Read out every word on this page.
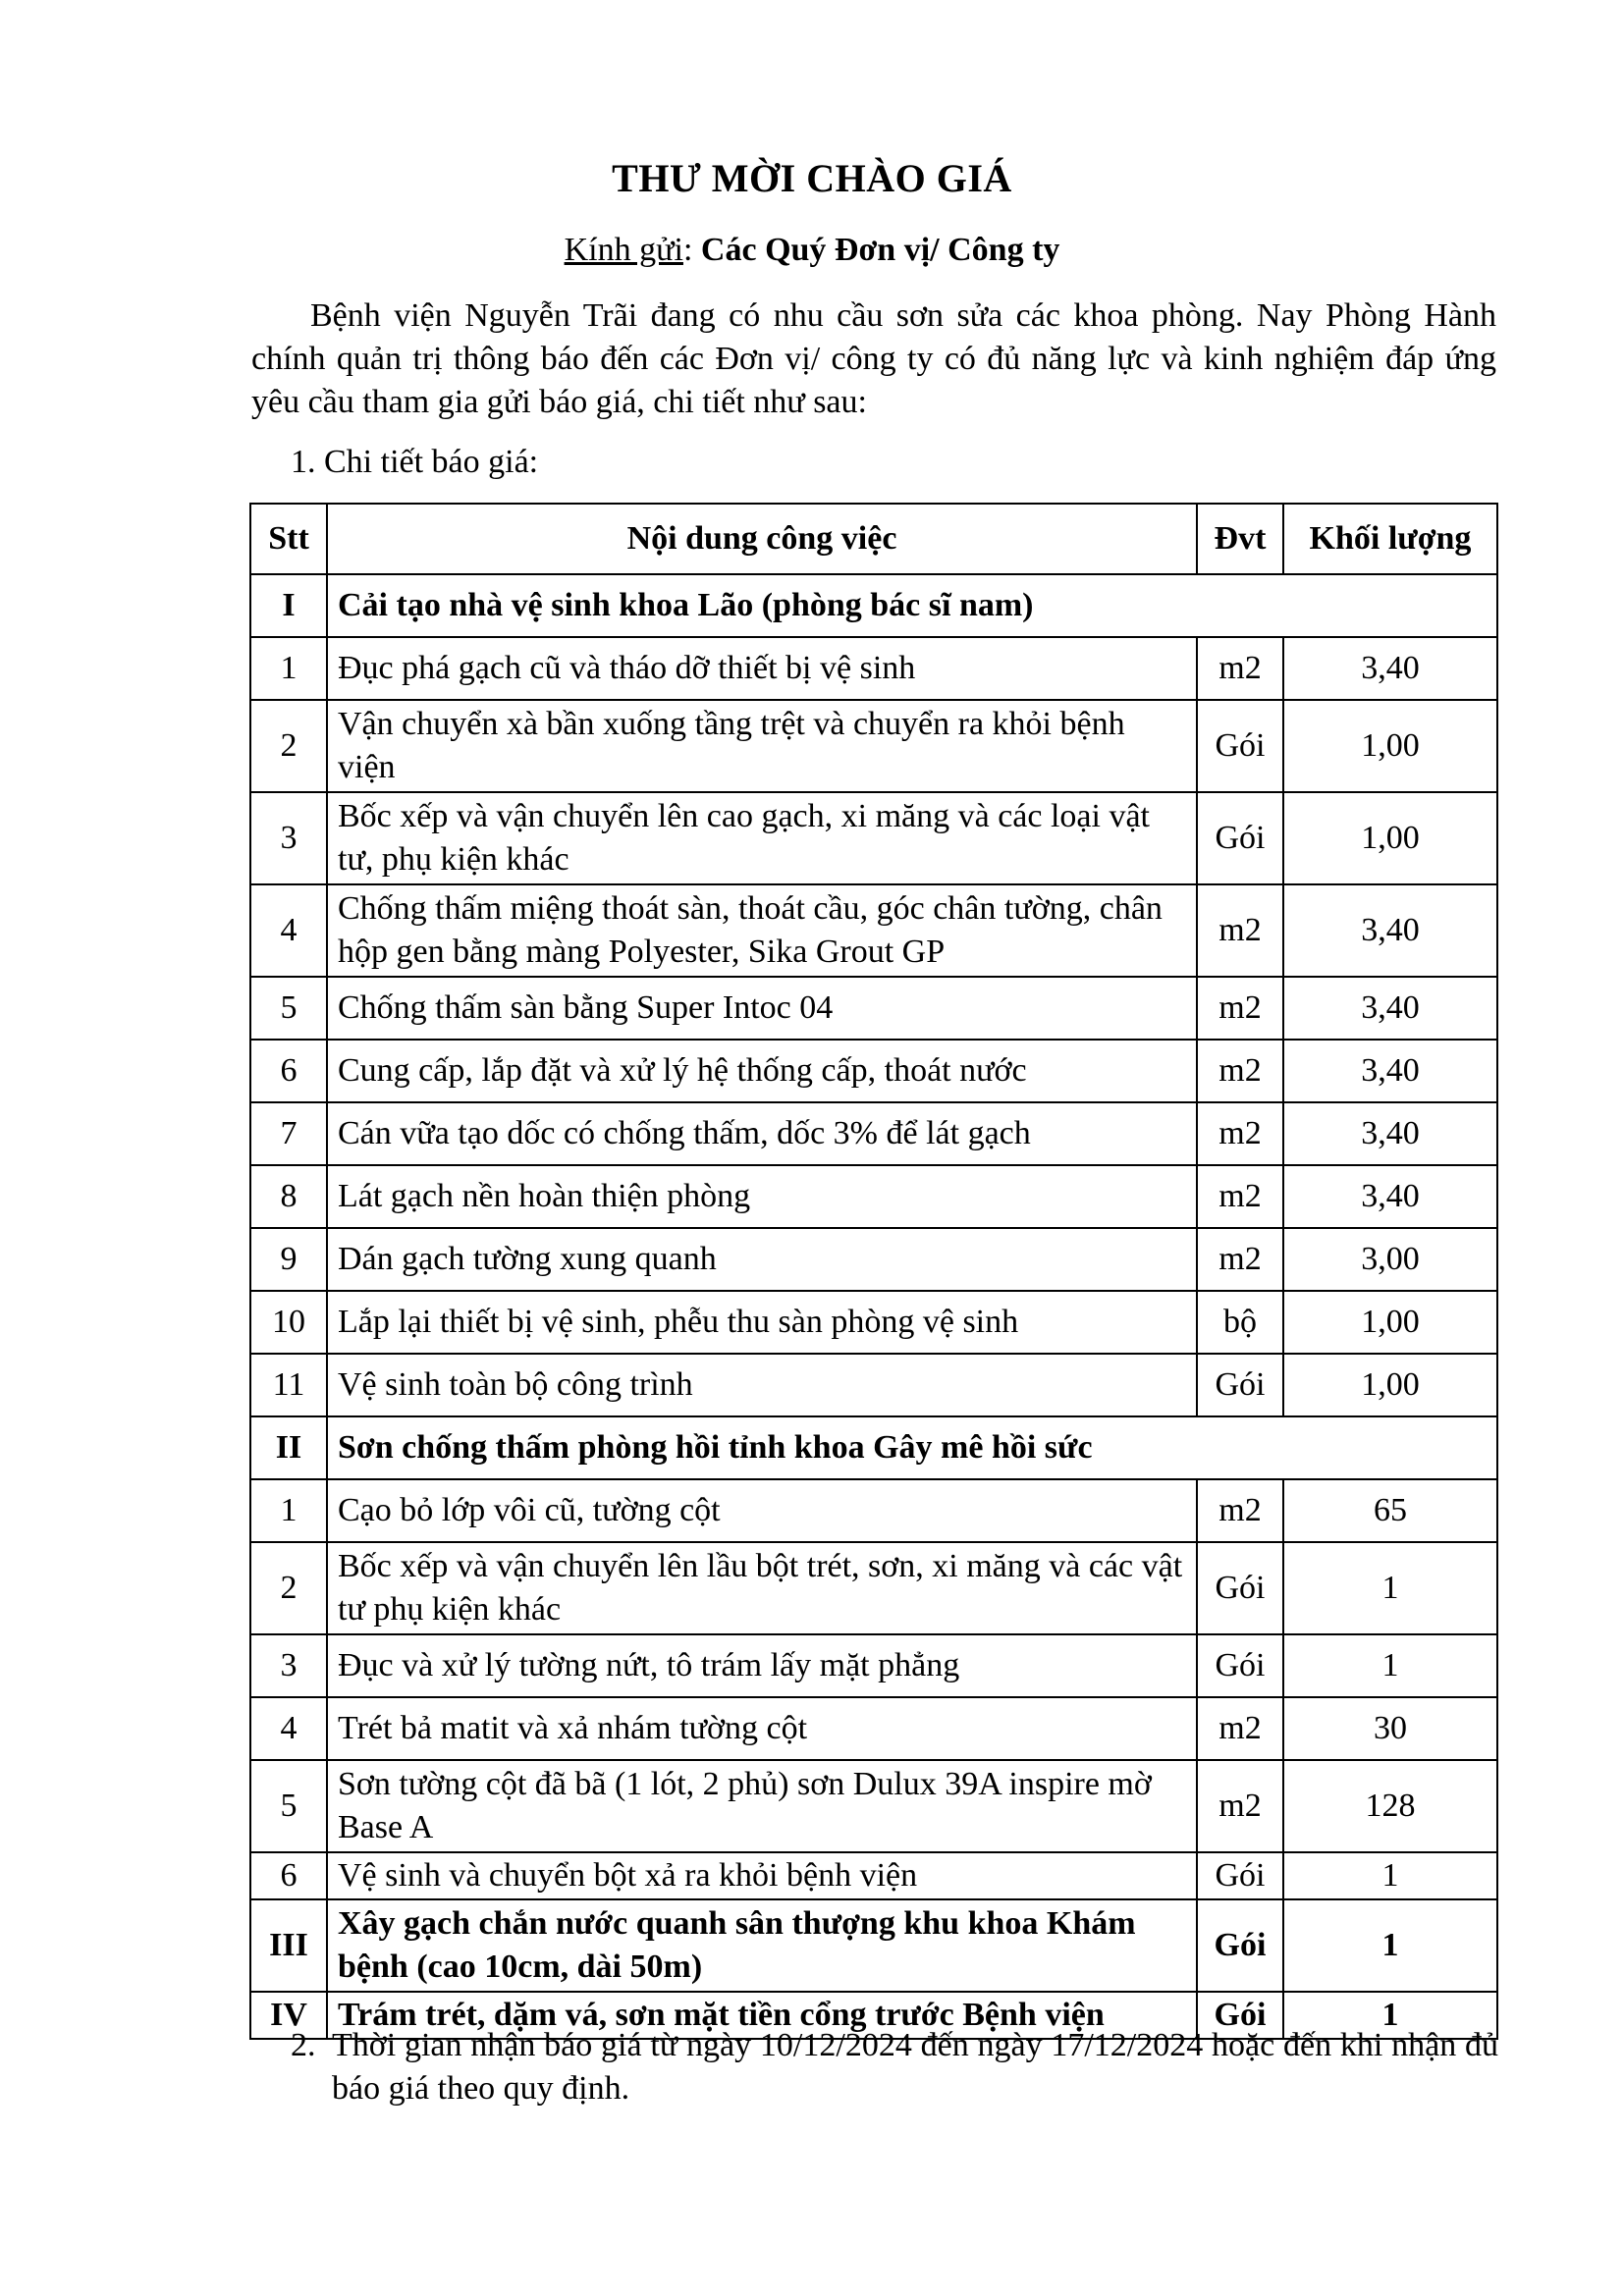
THƯ MỜI CHÀO GIÁ
Kính gửi: Các Quý Đơn vị/ Công ty
Bệnh viện Nguyễn Trãi đang có nhu cầu sơn sửa các khoa phòng. Nay Phòng Hành chính quản trị thông báo đến các Đơn vị/ công ty có đủ năng lực và kinh nghiệm đáp ứng yêu cầu tham gia gửi báo giá, chi tiết như sau:
1. Chi tiết báo giá:
Stt	Nội dung công việc	Đvt	Khối lượng
I	Cải tạo nhà vệ sinh khoa Lão (phòng bác sĩ nam)		
1	Đục phá gạch cũ và tháo dỡ thiết bị vệ sinh	m2	3,40
2	Vận chuyển xà bần xuống tầng trệt và chuyển ra khỏi bệnh viện	Gói	1,00
3	Bốc xếp và vận chuyển lên cao gạch, xi măng và các loại vật tư, phụ kiện khác	Gói	1,00
4	Chống thấm miệng thoát sàn, thoát cầu, góc chân tường, chân hộp gen bằng màng Polyester, Sika Grout GP	m2	3,40
5	Chống thấm sàn bằng Super Intoc 04	m2	3,40
6	Cung cấp, lắp đặt và xử lý hệ thống cấp, thoát nước	m2	3,40
7	Cán vữa tạo dốc có chống thấm, dốc 3% để lát gạch	m2	3,40
8	Lát gạch nền hoàn thiện phòng	m2	3,40
9	Dán gạch tường xung quanh	m2	3,00
10	Lắp lại thiết bị vệ sinh, phễu thu sàn phòng vệ sinh	bộ	1,00
11	Vệ sinh toàn bộ công trình	Gói	1,00
II	Sơn chống thấm phòng hồi tỉnh khoa Gây mê hồi sức		
1	Cạo bỏ lớp vôi cũ, tường cột	m2	65
2	Bốc xếp và vận chuyển lên lầu bột trét, sơn, xi măng và các vật tư phụ kiện khác	Gói	1
3	Đục và xử lý tường nứt, tô trám lấy mặt phẳng	Gói	1
4	Trét bả matit và xả nhám tường cột	m2	30
5	Sơn tường cột đã bã (1 lót, 2 phủ) sơn Dulux 39A inspire mờ Base A	m2	128
6	Vệ sinh và chuyển bột xả ra khỏi bệnh viện	Gói	1
III	Xây gạch chắn nước quanh sân thượng khu khoa Khám bệnh (cao 10cm, dài 50m)	Gói	1
IV	Trám trét, dặm vá, sơn mặt tiền cổng trước Bệnh viện	Gói	1
2. Thời gian nhận báo giá từ ngày 10/12/2024 đến ngày 17/12/2024 hoặc đến khi nhận đủ báo giá theo quy định.
